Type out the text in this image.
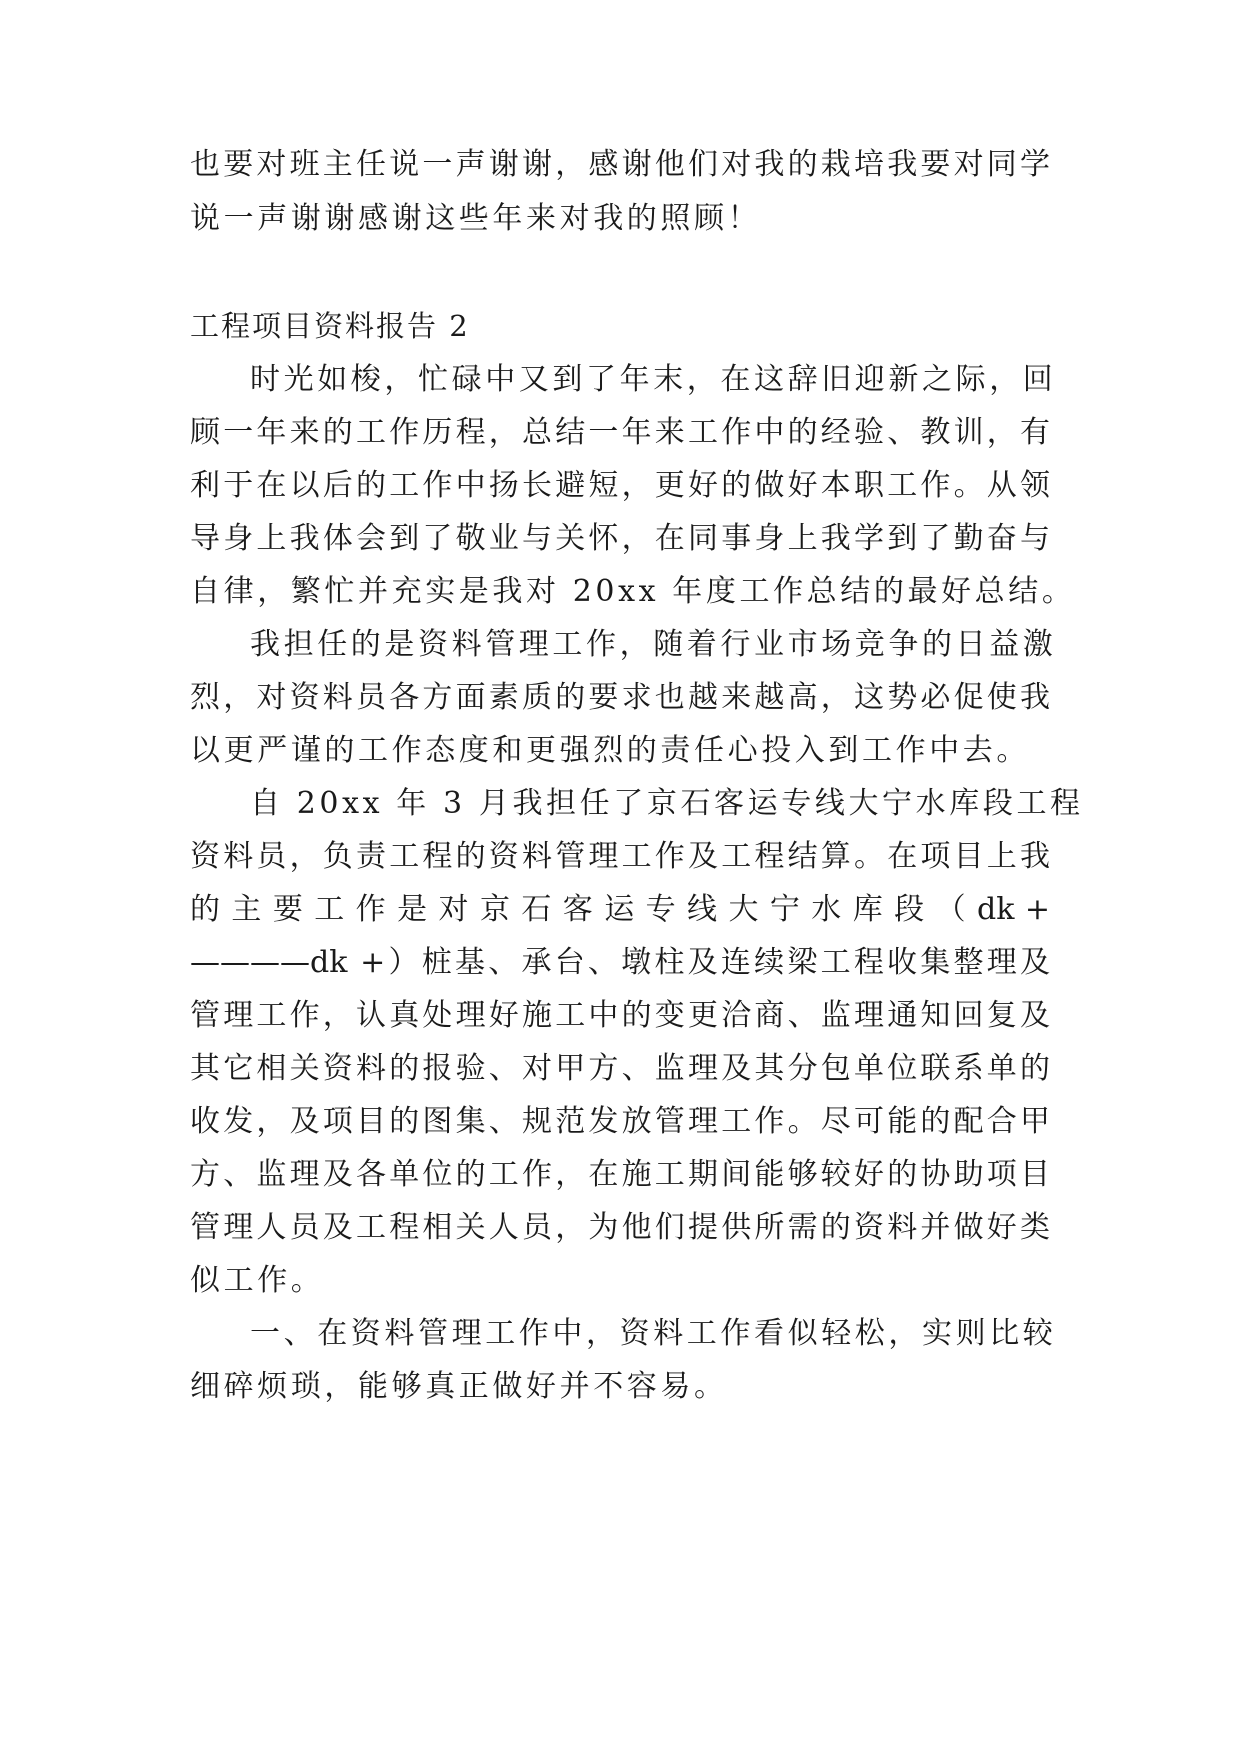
也要对班主任说一声谢谢，感谢他们对我的栽培我要对同学
说一声谢谢感谢这些年来对我的照顾！
工程项目资料报告 2
时光如梭，忙碌中又到了年末，在这辞旧迎新之际，回
顾一年来的工作历程，总结一年来工作中的经验、教训，有
利于在以后的工作中扬长避短，更好的做好本职工作。从领
导身上我体会到了敬业与关怀，在同事身上我学到了勤奋与
自律，繁忙并充实是我对 20xx 年度工作总结的最好总结。
我担任的是资料管理工作，随着行业市场竞争的日益激
烈，对资料员各方面素质的要求也越来越高，这势必促使我
以更严谨的工作态度和更强烈的责任心投入到工作中去。
自 20xx 年 3 月我担任了京石客运专线大宁水库段工程
资料员，负责工程的资料管理工作及工程结算。在项目上我
的 主 要 工 作 是 对 京 石 客 运 专 线 大 宁 水 库 段 （ dk +
————dk +）桩基、承台、墩柱及连续梁工程收集整理及
管理工作，认真处理好施工中的变更洽商、监理通知回复及
其它相关资料的报验、对甲方、监理及其分包单位联系单的
收发，及项目的图集、规范发放管理工作。尽可能的配合甲
方、监理及各单位的工作，在施工期间能够较好的协助项目
管理人员及工程相关人员，为他们提供所需的资料并做好类
似工作。
一、在资料管理工作中，资料工作看似轻松，实则比较
细碎烦琐，能够真正做好并不容易。
